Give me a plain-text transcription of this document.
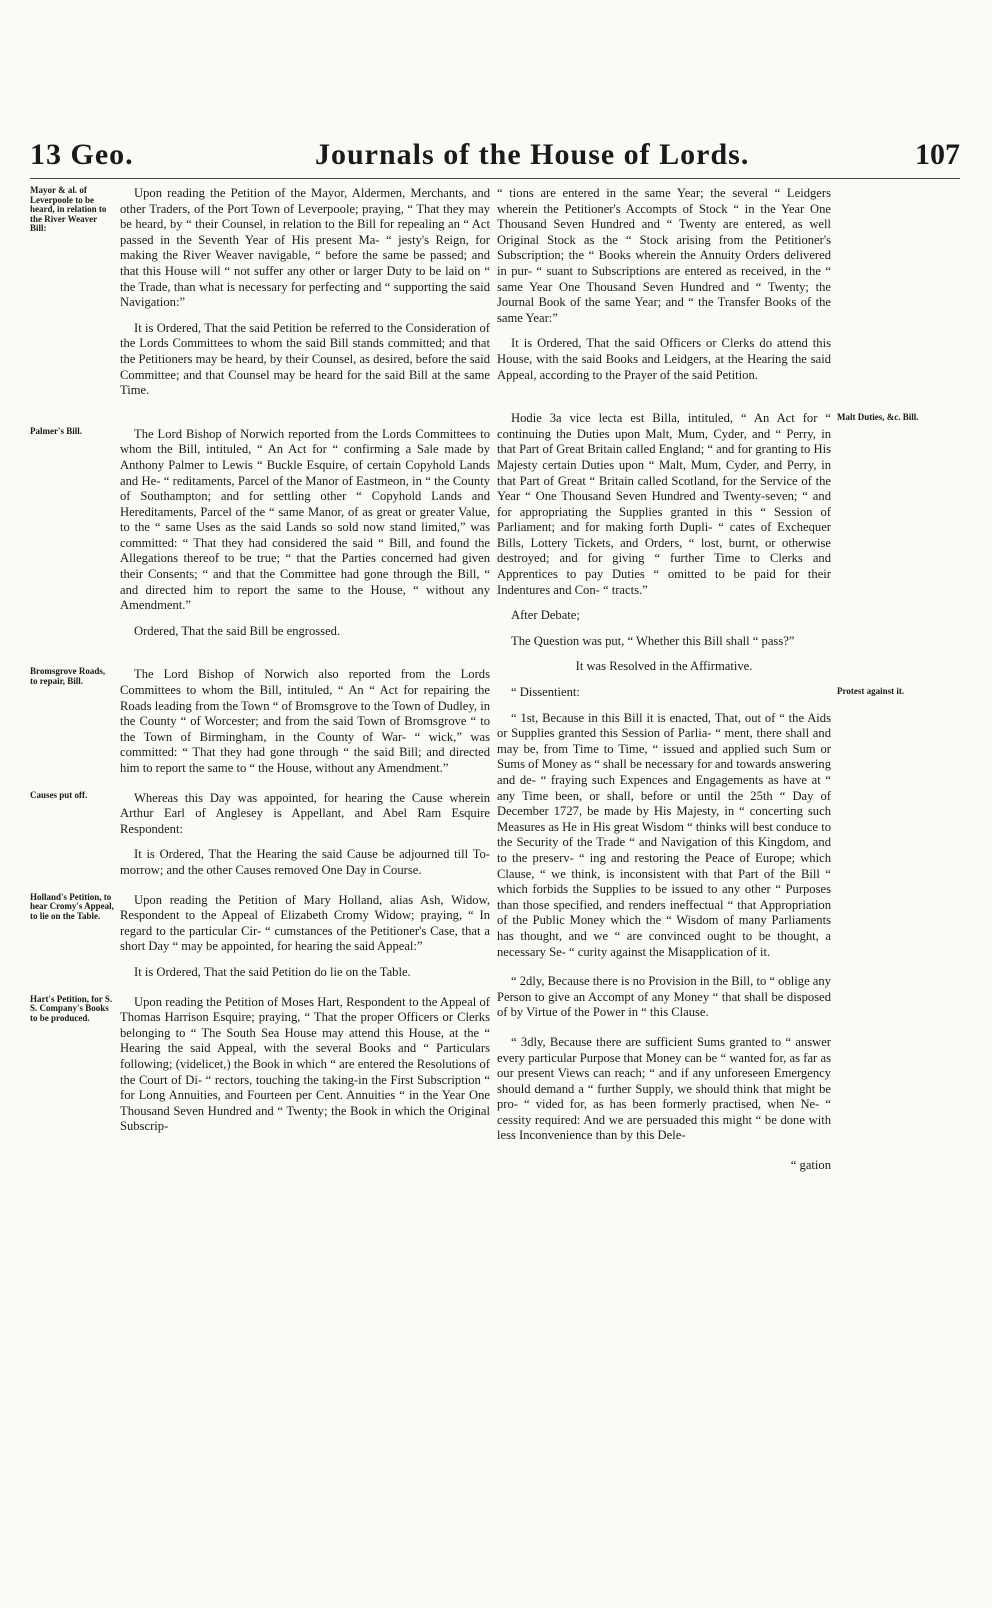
13 Geo.	Journals of the House of Lords.	107
Mayor & al. of Leverpoole to be heard, in relation to the River Weaver Bill:

Upon reading the Petition of the Mayor, Aldermen, Merchants, and other Traders, of the Port Town of Leverpoole; praying, “ That they may be heard, by “ their Counsel, in relation to the Bill for repealing an “ Act passed in the Seventh Year of His present Ma- “ jesty's Reign, for making the River Weaver navigable, “ before the same be passed; and that this House will “ not suffer any other or larger Duty to be laid on “ the Trade, than what is necessary for perfecting and “ supporting the said Navigation:”

It is Ordered, That the said Petition be referred to the Consideration of the Lords Committees to whom the said Bill stands committed; and that the Petitioners may be heard, by their Counsel, as desired, before the said Committee; and that Counsel may be heard for the said Bill at the same Time.

Palmer's Bill.	The Lord Bishop of Norwich reported from the Lords Committees to whom the Bill, intituled, “ An Act for “ confirming a Sale made by Anthony Palmer to Lewis “ Buckle Esquire, of certain Copyhold Lands and He- “ reditaments, Parcel of the Manor of Eastmeon, in “ the County of Southampton; and for settling other “ Copyhold Lands and Hereditaments, Parcel of the “ same Manor, of as great or greater Value, to the “ same Uses as the said Lands so sold now stand limited,” was committed: “ That they had considered the said “ Bill, and found the Allegations thereof to be true; “ that the Parties concerned had given their Consents; “ and that the Committee had gone through the Bill, “ and directed him to report the same to the House, “ without any Amendment.”

Ordered, That the said Bill be engrossed.

Bromsgrove Roads, to repair, Bill.	The Lord Bishop of Norwich also reported from the Lords Committees to whom the Bill, intituled, “ An “ Act for repairing the Roads leading from the Town “ of Bromsgrove to the Town of Dudley, in the County “ of Worcester; and from the said Town of Bromsgrove “ to the Town of Birmingham, in the County of War- “ wick,” was committed: “ That they had gone through “ the said Bill; and directed him to report the same to “ the House, without any Amendment.”

Causes put off.	Whereas this Day was appointed, for hearing the Cause wherein Arthur Earl of Anglesey is Appellant, and Abel Ram Esquire Respondent:

It is Ordered, That the Hearing the said Cause be adjourned till To-morrow; and the other Causes removed One Day in Course.

Holland's Petition, to hear Cromy's Appeal, to lie on the Table.

Upon reading the Petition of Mary Holland, alias Ash, Widow, Respondent to the Appeal of Elizabeth Cromy Widow; praying, “ In regard to the particular Cir- “ cumstances of the Petitioner's Case, that a short Day “ may be appointed, for hearing the said Appeal:”

It is Ordered, That the said Petition do lie on the Table.

Hart's Petition, for S. S. Company's Books to be produced.

Upon reading the Petition of Moses Hart, Respondent to the Appeal of Thomas Harrison Esquire; praying, “ That the proper Officers or Clerks belonging to “ The South Sea House may attend this House, at the “ Hearing the said Appeal, with the several Books and “ Particulars following; (videlicet,) the Book in which “ are entered the Resolutions of the Court of Di- “ rectors, touching the taking-in the First Subscription “ for Long Annuities, and Fourteen per Cent. Annuities “ in the Year One Thousand Seven Hundred and “ Twenty; the Book in which the Original Subscrip-

“ tions are entered in the same Year; the several “ Leidgers wherein the Petitioner's Accompts of Stock “ in the Year One Thousand Seven Hundred and “ Twenty are entered, as well Original Stock as the “ Stock arising from the Petitioner's Subscription; the “ Books wherein the Annuity Orders delivered in pur- “ suant to Subscriptions are entered as received, in the “ same Year One Thousand Seven Hundred and “ Twenty; the Journal Book of the same Year; and “ the Transfer Books of the same Year:”

It is Ordered, That the said Officers or Clerks do attend this House, with the said Books and Leidgers, at the Hearing the said Appeal, according to the Prayer of the said Petition.

Malt Duties, &c. Bill.

Hodie 3a vice lecta est Billa, intituled, “ An Act for “ continuing the Duties upon Malt, Mum, Cyder, and “ Perry, in that Part of Great Britain called England; “ and for granting to His Majesty certain Duties upon “ Malt, Mum, Cyder, and Perry, in that Part of Great “ Britain called Scotland, for the Service of the Year “ One Thousand Seven Hundred and Twenty-seven; “ and for appropriating the Supplies granted in this “ Session of Parliament; and for making forth Dupli- “ cates of Exchequer Bills, Lottery Tickets, and Orders, “ lost, burnt, or otherwise destroyed; and for giving “ further Time to Clerks and Apprentices to pay Duties “ omitted to be paid for their Indentures and Con- “ tracts.”

After Debate;

The Question was put, “ Whether this Bill shall “ pass?”

It was Resolved in the Affirmative.

Protest against it.

“ Dissentient:

“ 1st, Because in this Bill it is enacted, That, out of “ the Aids or Supplies granted this Session of Parlia- “ ment, there shall and may be, from Time to Time, “ issued and applied such Sum or Sums of Money as “ shall be necessary for and towards answering and de- “ fraying such Expences and Engagements as have at “ any Time been, or shall, before or until the 25th “ Day of December 1727, be made by His Majesty, in “ concerting such Measures as He in His great Wisdom “ thinks will best conduce to the Security of the Trade “ and Navigation of this Kingdom, and to the preserv- “ ing and restoring the Peace of Europe; which Clause, “ we think, is inconsistent with that Part of the Bill “ which forbids the Supplies to be issued to any other “ Purposes than those specified, and renders ineffectual “ that Appropriation of the Public Money which the “ Wisdom of many Parliaments has thought, and we “ are convinced ought to be thought, a necessary Se- “ curity against the Misapplication of it.

“ 2dly, Because there is no Provision in the Bill, to “ oblige any Person to give an Accompt of any Money “ that shall be disposed of by Virtue of the Power in “ this Clause.

“ 3dly, Because there are sufficient Sums granted to “ answer every particular Purpose that Money can be “ wanted for, as far as our present Views can reach; “ and if any unforeseen Emergency should demand a “ further Supply, we should think that might be pro- “ vided for, as has been formerly practised, when Ne- “ cessity required: And we are persuaded this might “ be done with less Inconvenience than by this Dele-

“ gation
